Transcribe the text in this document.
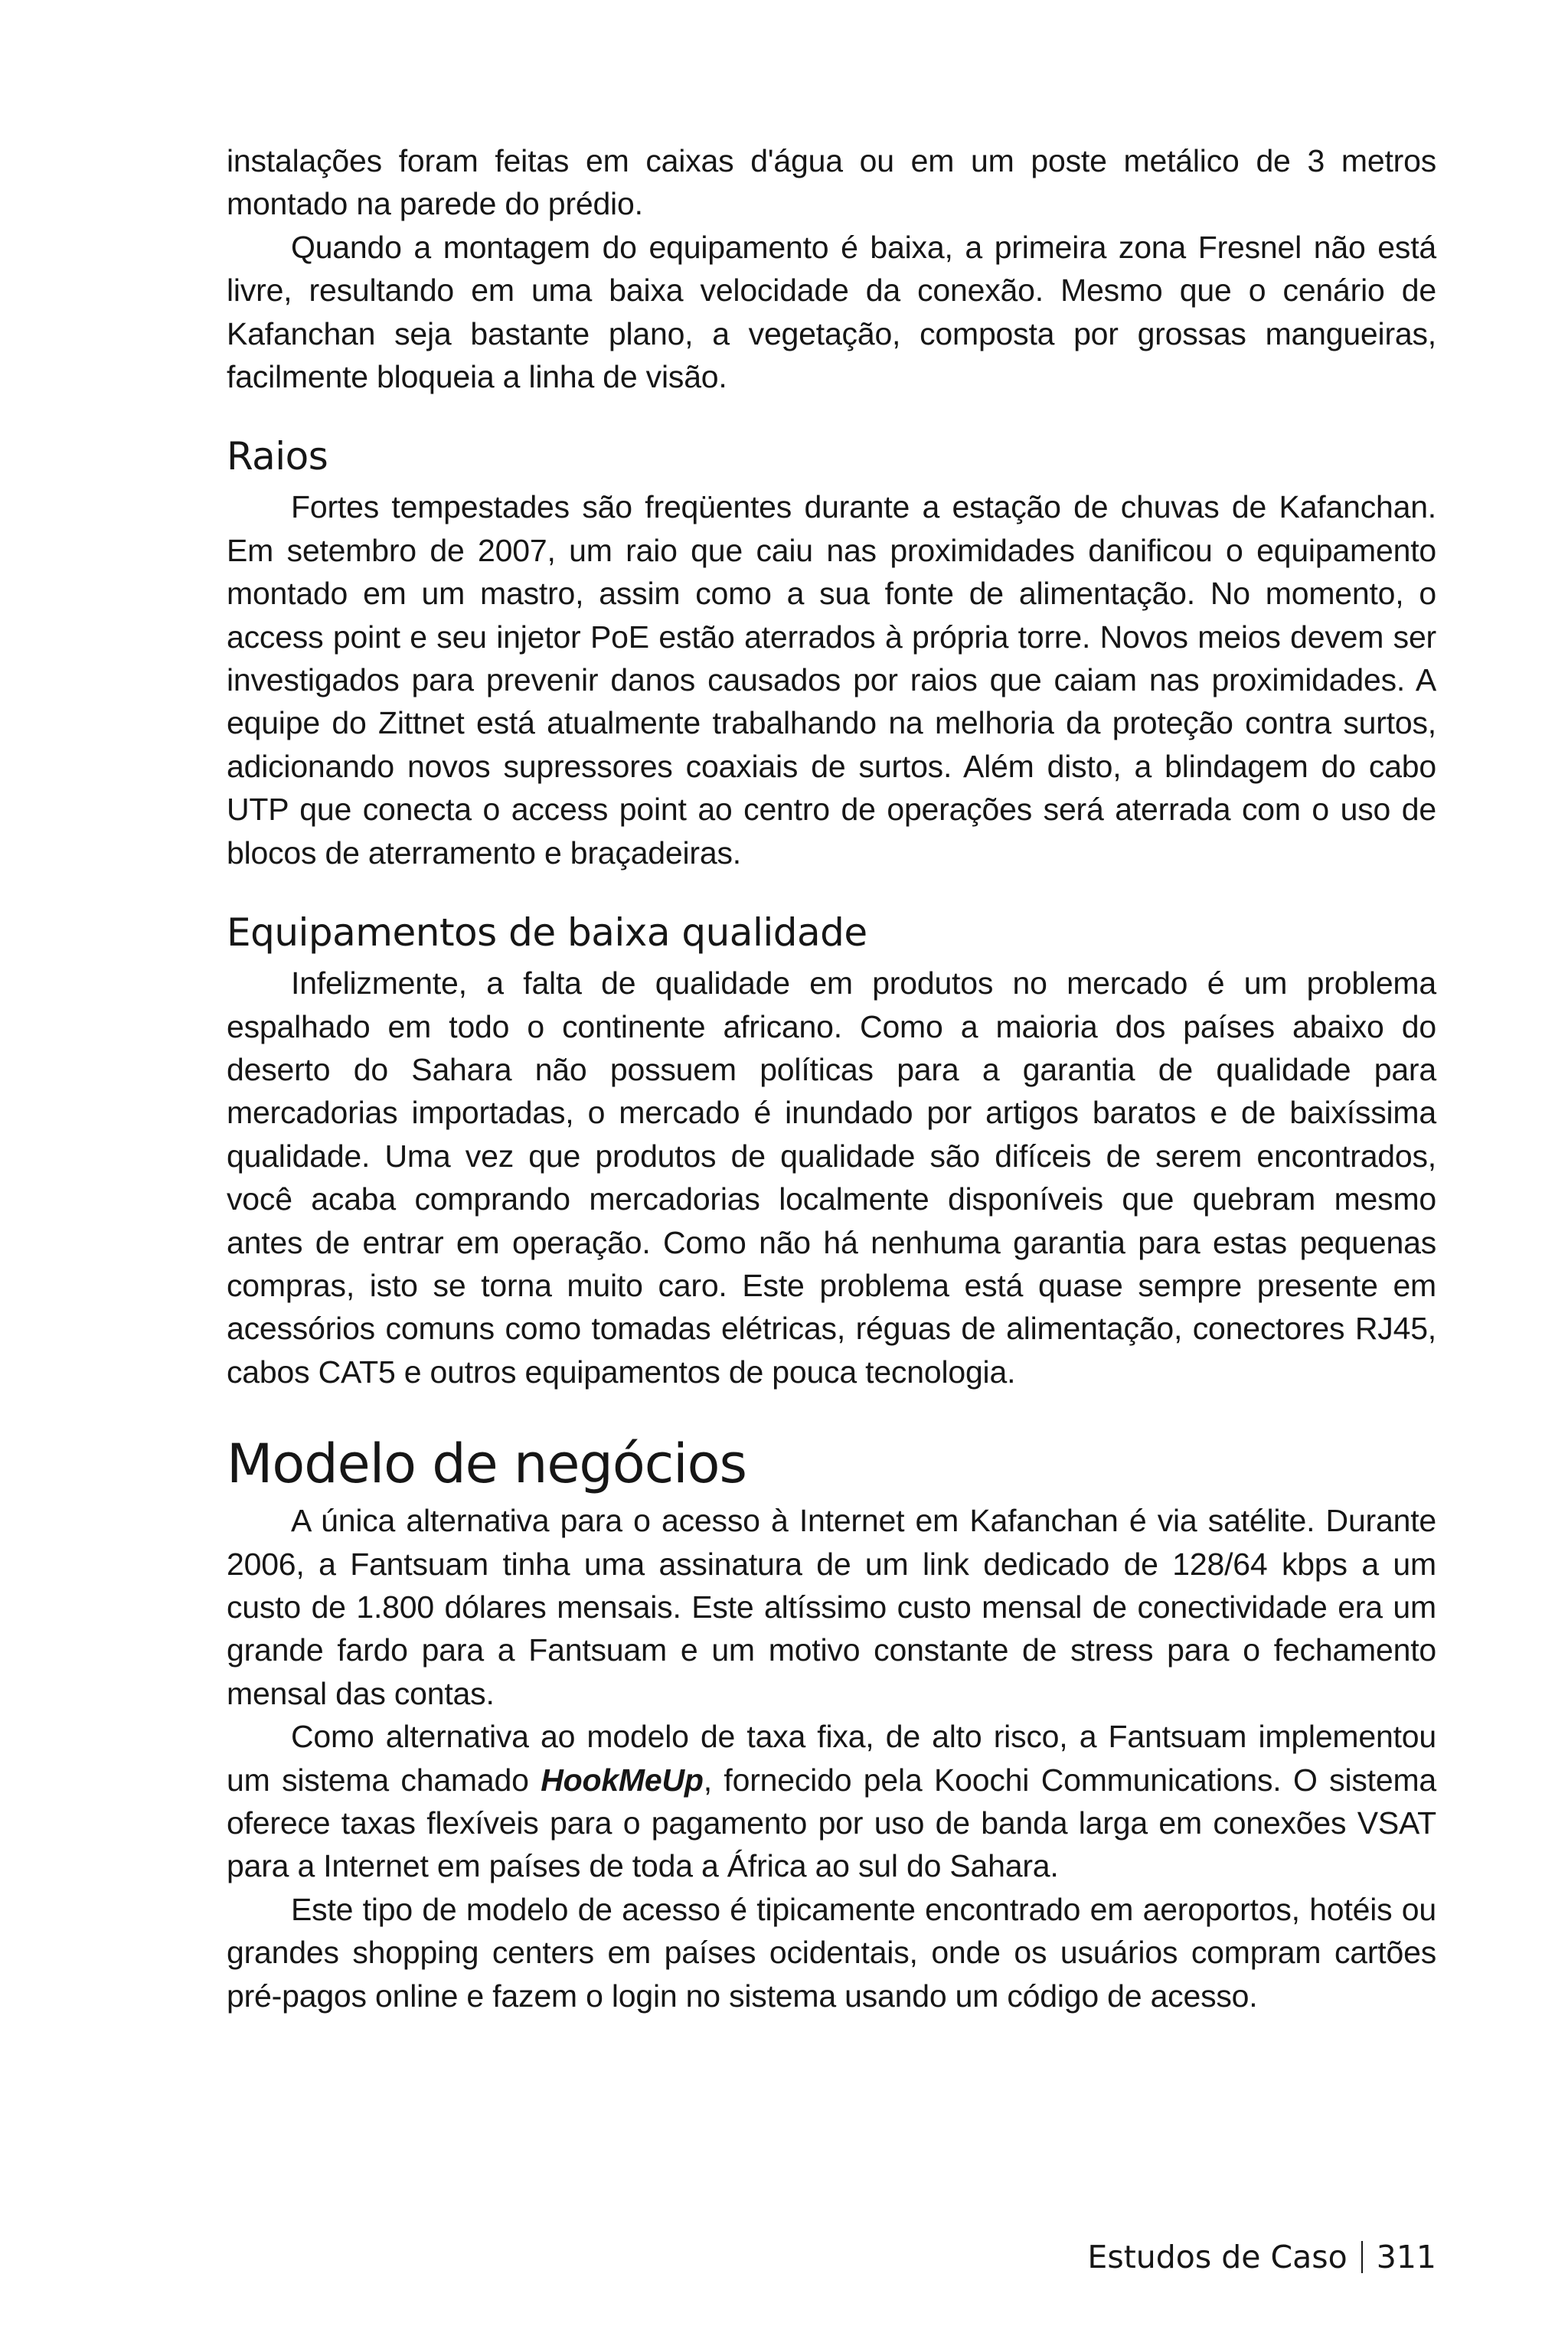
instalações foram feitas em caixas d'água ou em um poste metálico de 3 metros montado na parede do prédio.

Quando a montagem do equipamento é baixa, a primeira zona Fresnel não está livre, resultando em uma baixa velocidade da conexão. Mesmo que o cenário de Kafanchan seja bastante plano, a vegetação, composta por grossas mangueiras, facilmente bloqueia a linha de visão.

Raios

Fortes tempestades são freqüentes durante a estação de chuvas de Kafanchan. Em setembro de 2007, um raio que caiu nas proximidades danificou o equipamento montado em um mastro, assim como a sua fonte de alimentação. No momento, o access point e seu injetor PoE estão aterrados à própria torre. Novos meios devem ser investigados para prevenir danos causados por raios que caiam nas proximidades. A equipe do Zittnet está atualmente trabalhando na melhoria da proteção contra surtos, adicionando novos supressores coaxiais de surtos. Além disto, a blindagem do cabo UTP que conecta o access point ao centro de operações será aterrada com o uso de blocos de aterramento e braçadeiras.

Equipamentos de baixa qualidade

Infelizmente, a falta de qualidade em produtos no mercado é um problema espalhado em todo o continente africano. Como a maioria dos países abaixo do deserto do Sahara não possuem políticas para a garantia de qualidade para mercadorias importadas, o mercado é inundado por artigos baratos e de baixíssima qualidade. Uma vez que produtos de qualidade são difíceis de serem encontrados, você acaba comprando mercadorias localmente disponíveis que quebram mesmo antes de entrar em operação. Como não há nenhuma garantia para estas pequenas compras, isto se torna muito caro. Este problema está quase sempre presente em acessórios comuns como tomadas elétricas, réguas de alimentação, conectores RJ45, cabos CAT5 e outros equipamentos de pouca tecnologia.

Modelo de negócios

A única alternativa para o acesso à Internet em Kafanchan é via satélite. Durante 2006, a Fantsuam tinha uma assinatura de um link dedicado de 128/64 kbps a um custo de 1.800 dólares mensais. Este altíssimo custo mensal de conectividade era um grande fardo para a Fantsuam e um motivo constante de stress para o fechamento mensal das contas.

Como alternativa ao modelo de taxa fixa, de alto risco, a Fantsuam implementou um sistema chamado HookMeUp, fornecido pela Koochi Communications. O sistema oferece taxas flexíveis para o pagamento por uso de banda larga em conexões VSAT para a Internet em países de toda a África ao sul do Sahara.

Este tipo de modelo de acesso é tipicamente encontrado em aeroportos, hotéis ou grandes shopping centers em países ocidentais, onde os usuários compram cartões pré-pagos online e fazem o login no sistema usando um código de acesso.

Estudos de Caso 311
